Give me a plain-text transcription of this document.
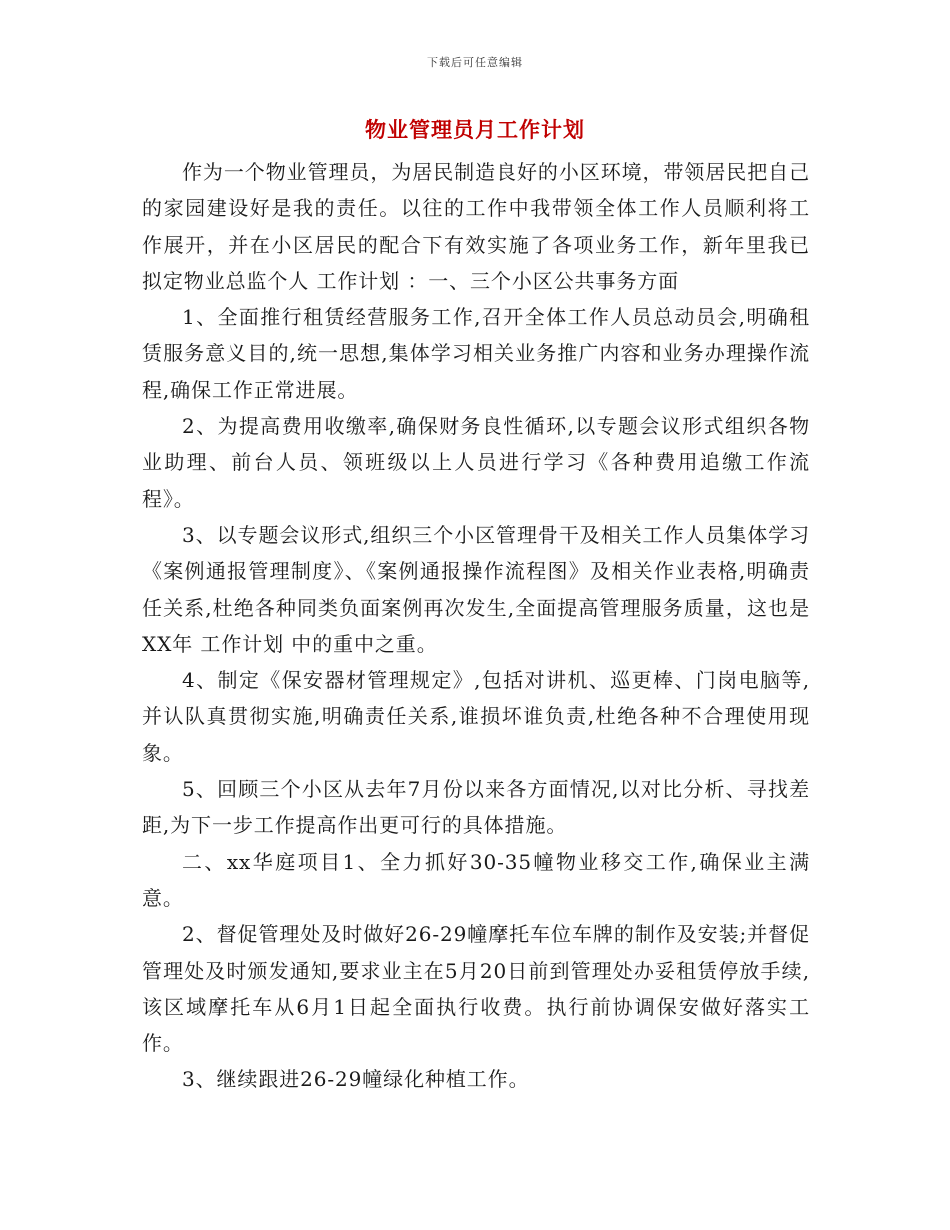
下载后可任意编辑
物业管理员月工作计划

作为一个物业管理员，为居民制造良好的小区环境，带领居民把自己的家园建设好是我的责任。以往的工作中我带领全体工作人员顺利将工作展开，并在小区居民的配合下有效实施了各项业务工作，新年里我已拟定物业总监个人 工作计划 ：一、三个小区公共事务方面

1、全面推行租赁经营服务工作,召开全体工作人员总动员会,明确租赁服务意义目的,统一思想,集体学习相关业务推广内容和业务办理操作流程,确保工作正常进展。

2、为提高费用收缴率,确保财务良性循环,以专题会议形式组织各物业助理、前台人员、领班级以上人员进行学习《各种费用追缴工作流程》。

3、以专题会议形式,组织三个小区管理骨干及相关工作人员集体学习《案例通报管理制度》、《案例通报操作流程图》及相关作业表格,明确责任关系,杜绝各种同类负面案例再次发生,全面提高管理服务质量，这也是XX年 工作计划 中的重中之重。

4、制定《保安器材管理规定》,包括对讲机、巡更棒、门岗电脑等,并认队真贯彻实施,明确责任关系,谁损坏谁负责,杜绝各种不合理使用现象。

5、回顾三个小区从去年7月份以来各方面情况,以对比分析、寻找差距,为下一步工作提高作出更可行的具体措施。

二、xx华庭项目1、全力抓好30-35幢物业移交工作,确保业主满意。

2、督促管理处及时做好26-29幢摩托车位车牌的制作及安装;并督促管理处及时颁发通知,要求业主在5月20日前到管理处办妥租赁停放手续,该区域摩托车从6月1日起全面执行收费。执行前协调保安做好落实工作。

3、继续跟进26-29幢绿化种植工作。
